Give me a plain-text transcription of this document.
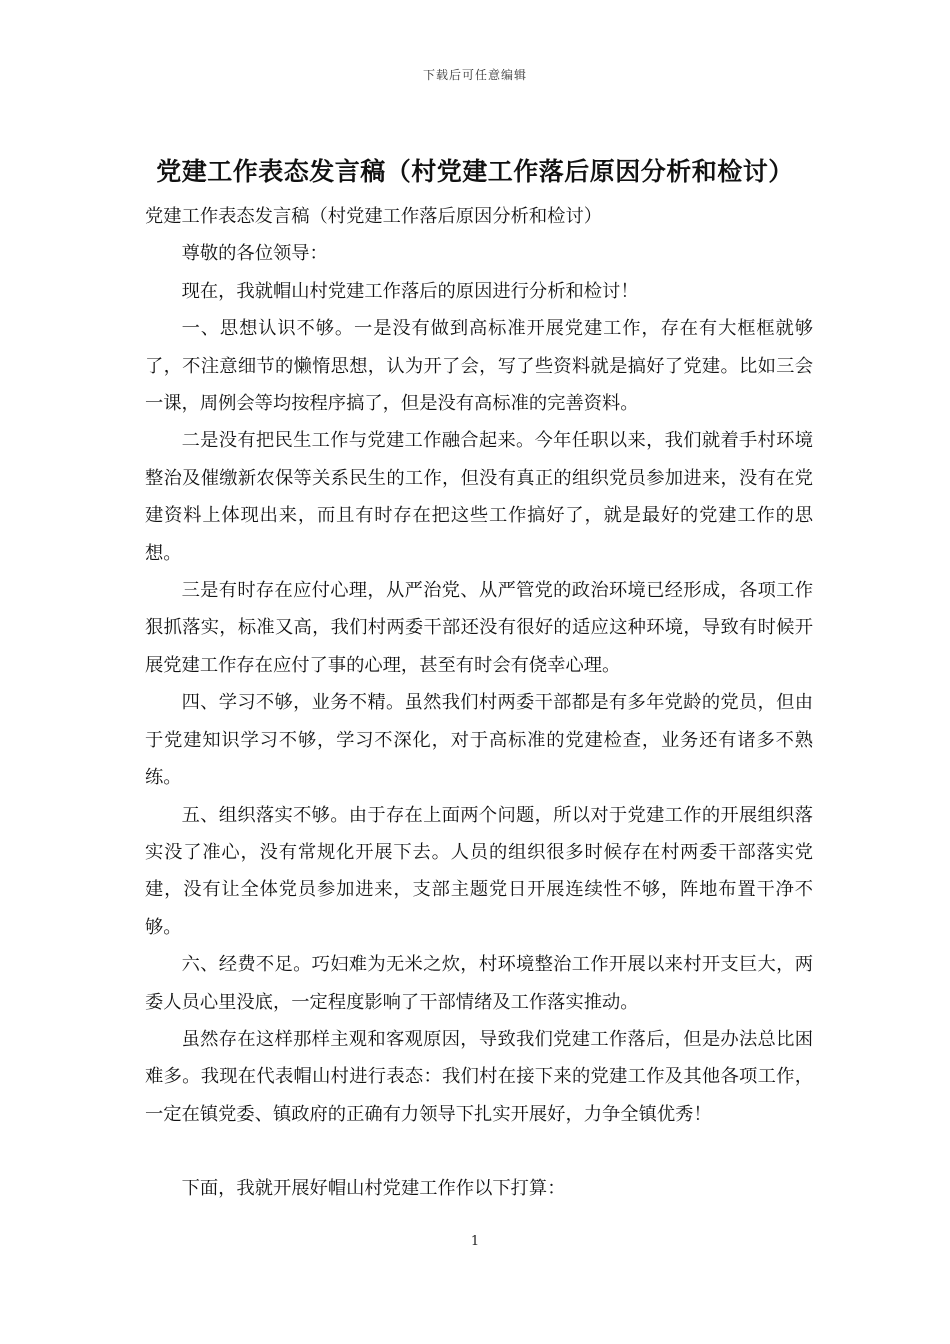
下载后可任意编辑
党建工作表态发言稿（村党建工作落后原因分析和检讨）

党建工作表态发言稿（村党建工作落后原因分析和检讨）

尊敬的各位领导：

现在，我就帽山村党建工作落后的原因进行分析和检讨！

一、思想认识不够。一是没有做到高标准开展党建工作，存在有大框框就够了，不注意细节的懒惰思想，认为开了会，写了些资料就是搞好了党建。比如三会一课，周例会等均按程序搞了，但是没有高标准的完善资料。

二是没有把民生工作与党建工作融合起来。今年任职以来，我们就着手村环境整治及催缴新农保等关系民生的工作，但没有真正的组织党员参加进来，没有在党建资料上体现出来，而且有时存在把这些工作搞好了，就是最好的党建工作的思想。

三是有时存在应付心理，从严治党、从严管党的政治环境已经形成，各项工作狠抓落实，标准又高，我们村两委干部还没有很好的适应这种环境，导致有时候开展党建工作存在应付了事的心理，甚至有时会有侥幸心理。

四、学习不够，业务不精。虽然我们村两委干部都是有多年党龄的党员，但由于党建知识学习不够，学习不深化，对于高标准的党建检查，业务还有诸多不熟练。

五、组织落实不够。由于存在上面两个问题，所以对于党建工作的开展组织落实没了准心，没有常规化开展下去。人员的组织很多时候存在村两委干部落实党建，没有让全体党员参加进来，支部主题党日开展连续性不够，阵地布置干净不够。

六、经费不足。巧妇难为无米之炊，村环境整治工作开展以来村开支巨大，两委人员心里没底，一定程度影响了干部情绪及工作落实推动。

虽然存在这样那样主观和客观原因，导致我们党建工作落后，但是办法总比困难多。我现在代表帽山村进行表态：我们村在接下来的党建工作及其他各项工作，一定在镇党委、镇政府的正确有力领导下扎实开展好，力争全镇优秀！

下面，我就开展好帽山村党建工作作以下打算：

1
